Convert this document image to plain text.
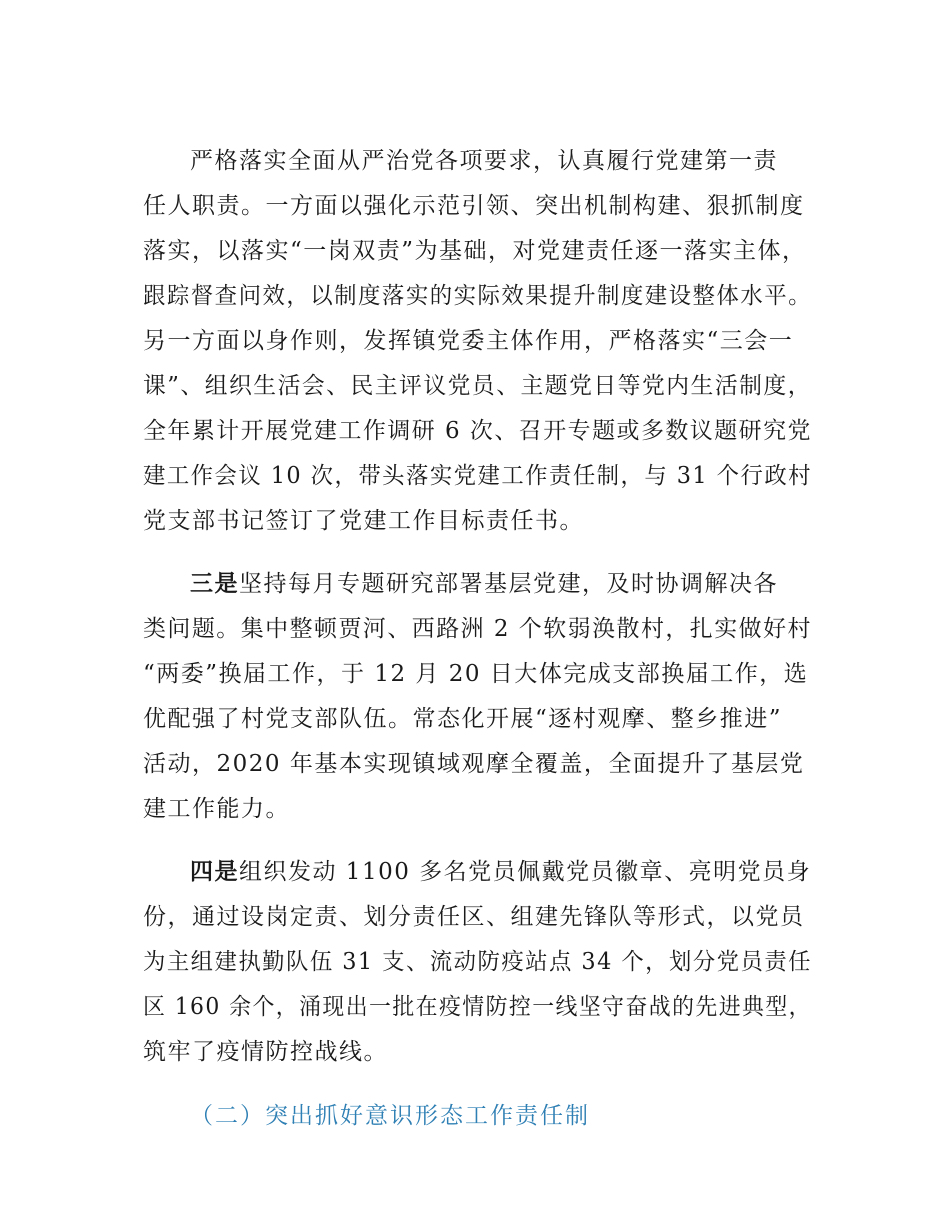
严格落实全面从严治党各项要求，认真履行党建第一责
任人职责。一方面以强化示范引领、突出机制构建、狠抓制度
落实，以落实“一岗双责”为基础，对党建责任逐一落实主体，
跟踪督查问效，以制度落实的实际效果提升制度建设整体水平。
另一方面以身作则，发挥镇党委主体作用，严格落实“三会一
课”、组织生活会、民主评议党员、主题党日等党内生活制度，
全年累计开展党建工作调研 6 次、召开专题或多数议题研究党
建工作会议 10 次，带头落实党建工作责任制，与 31 个行政村
党支部书记签订了党建工作目标责任书。
三是坚持每月专题研究部署基层党建，及时协调解决各
类问题。集中整顿贾河、西路洲 2 个软弱涣散村，扎实做好村
“两委”换届工作，于 12 月 20 日大体完成支部换届工作，选
优配强了村党支部队伍。常态化开展“逐村观摩、整乡推进”
活动，2020 年基本实现镇域观摩全覆盖，全面提升了基层党
建工作能力。
四是组织发动 1100 多名党员佩戴党员徽章、亮明党员身
份，通过设岗定责、划分责任区、组建先锋队等形式，以党员
为主组建执勤队伍 31 支、流动防疫站点 34 个，划分党员责任
区 160 余个，涌现出一批在疫情防控一线坚守奋战的先进典型，
筑牢了疫情防控战线。
（二）突出抓好意识形态工作责任制
